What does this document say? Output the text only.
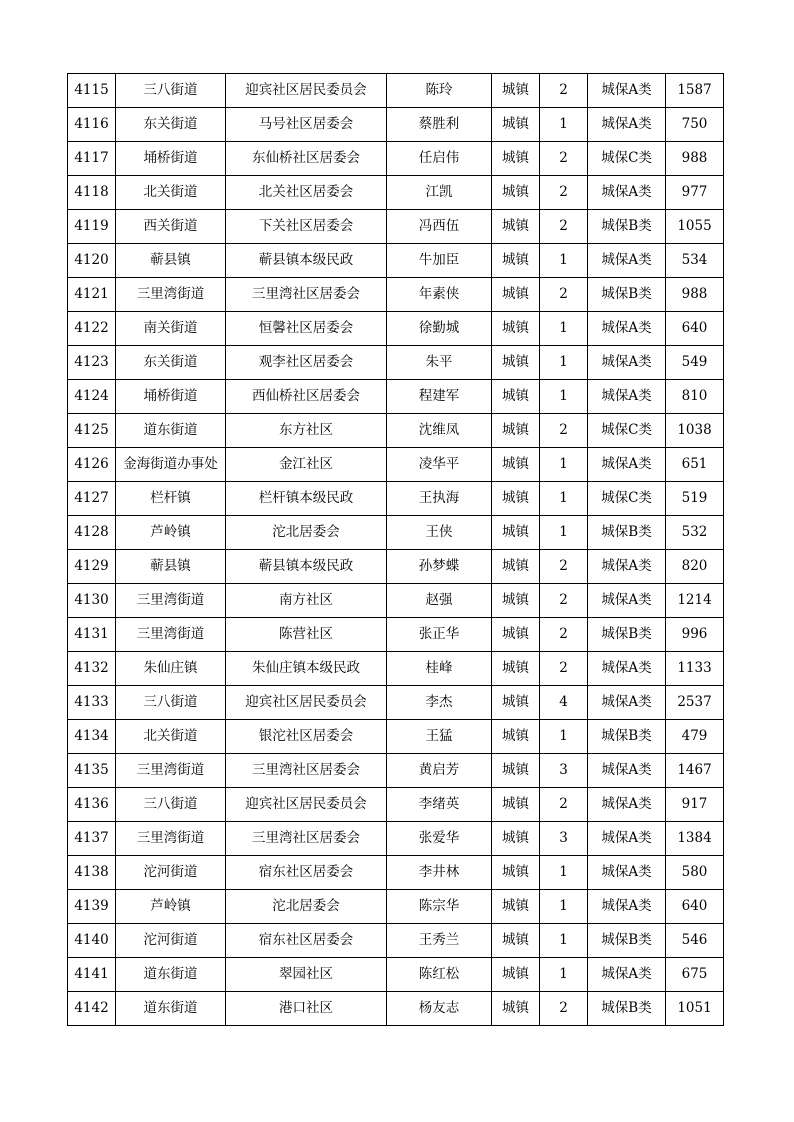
4115	三八街道	迎宾社区居民委员会	陈玲	城镇	2	城保A类	1587
4116	东关街道	马号社区居委会	蔡胜利	城镇	1	城保A类	750
4117	埇桥街道	东仙桥社区居委会	任启伟	城镇	2	城保C类	988
4118	北关街道	北关社区居委会	江凯	城镇	2	城保A类	977
4119	西关街道	下关社区居委会	冯西伍	城镇	2	城保B类	1055
4120	蕲县镇	蕲县镇本级民政	牛加臣	城镇	1	城保A类	534
4121	三里湾街道	三里湾社区居委会	年素侠	城镇	2	城保B类	988
4122	南关街道	恒馨社区居委会	徐勤城	城镇	1	城保A类	640
4123	东关街道	观李社区居委会	朱平	城镇	1	城保A类	549
4124	埇桥街道	西仙桥社区居委会	程建军	城镇	1	城保A类	810
4125	道东街道	东方社区	沈维凤	城镇	2	城保C类	1038
4126	金海街道办事处	金江社区	凌华平	城镇	1	城保A类	651
4127	栏杆镇	栏杆镇本级民政	王执海	城镇	1	城保C类	519
4128	芦岭镇	沱北居委会	王侠	城镇	1	城保B类	532
4129	蕲县镇	蕲县镇本级民政	孙梦蝶	城镇	2	城保A类	820
4130	三里湾街道	南方社区	赵强	城镇	2	城保A类	1214
4131	三里湾街道	陈营社区	张正华	城镇	2	城保B类	996
4132	朱仙庄镇	朱仙庄镇本级民政	桂峰	城镇	2	城保A类	1133
4133	三八街道	迎宾社区居民委员会	李杰	城镇	4	城保A类	2537
4134	北关街道	银沱社区居委会	王猛	城镇	1	城保B类	479
4135	三里湾街道	三里湾社区居委会	黄启芳	城镇	3	城保A类	1467
4136	三八街道	迎宾社区居民委员会	李绪英	城镇	2	城保A类	917
4137	三里湾街道	三里湾社区居委会	张爱华	城镇	3	城保A类	1384
4138	沱河街道	宿东社区居委会	李井林	城镇	1	城保A类	580
4139	芦岭镇	沱北居委会	陈宗华	城镇	1	城保A类	640
4140	沱河街道	宿东社区居委会	王秀兰	城镇	1	城保B类	546
4141	道东街道	翠园社区	陈红松	城镇	1	城保A类	675
4142	道东街道	港口社区	杨友志	城镇	2	城保B类	1051
